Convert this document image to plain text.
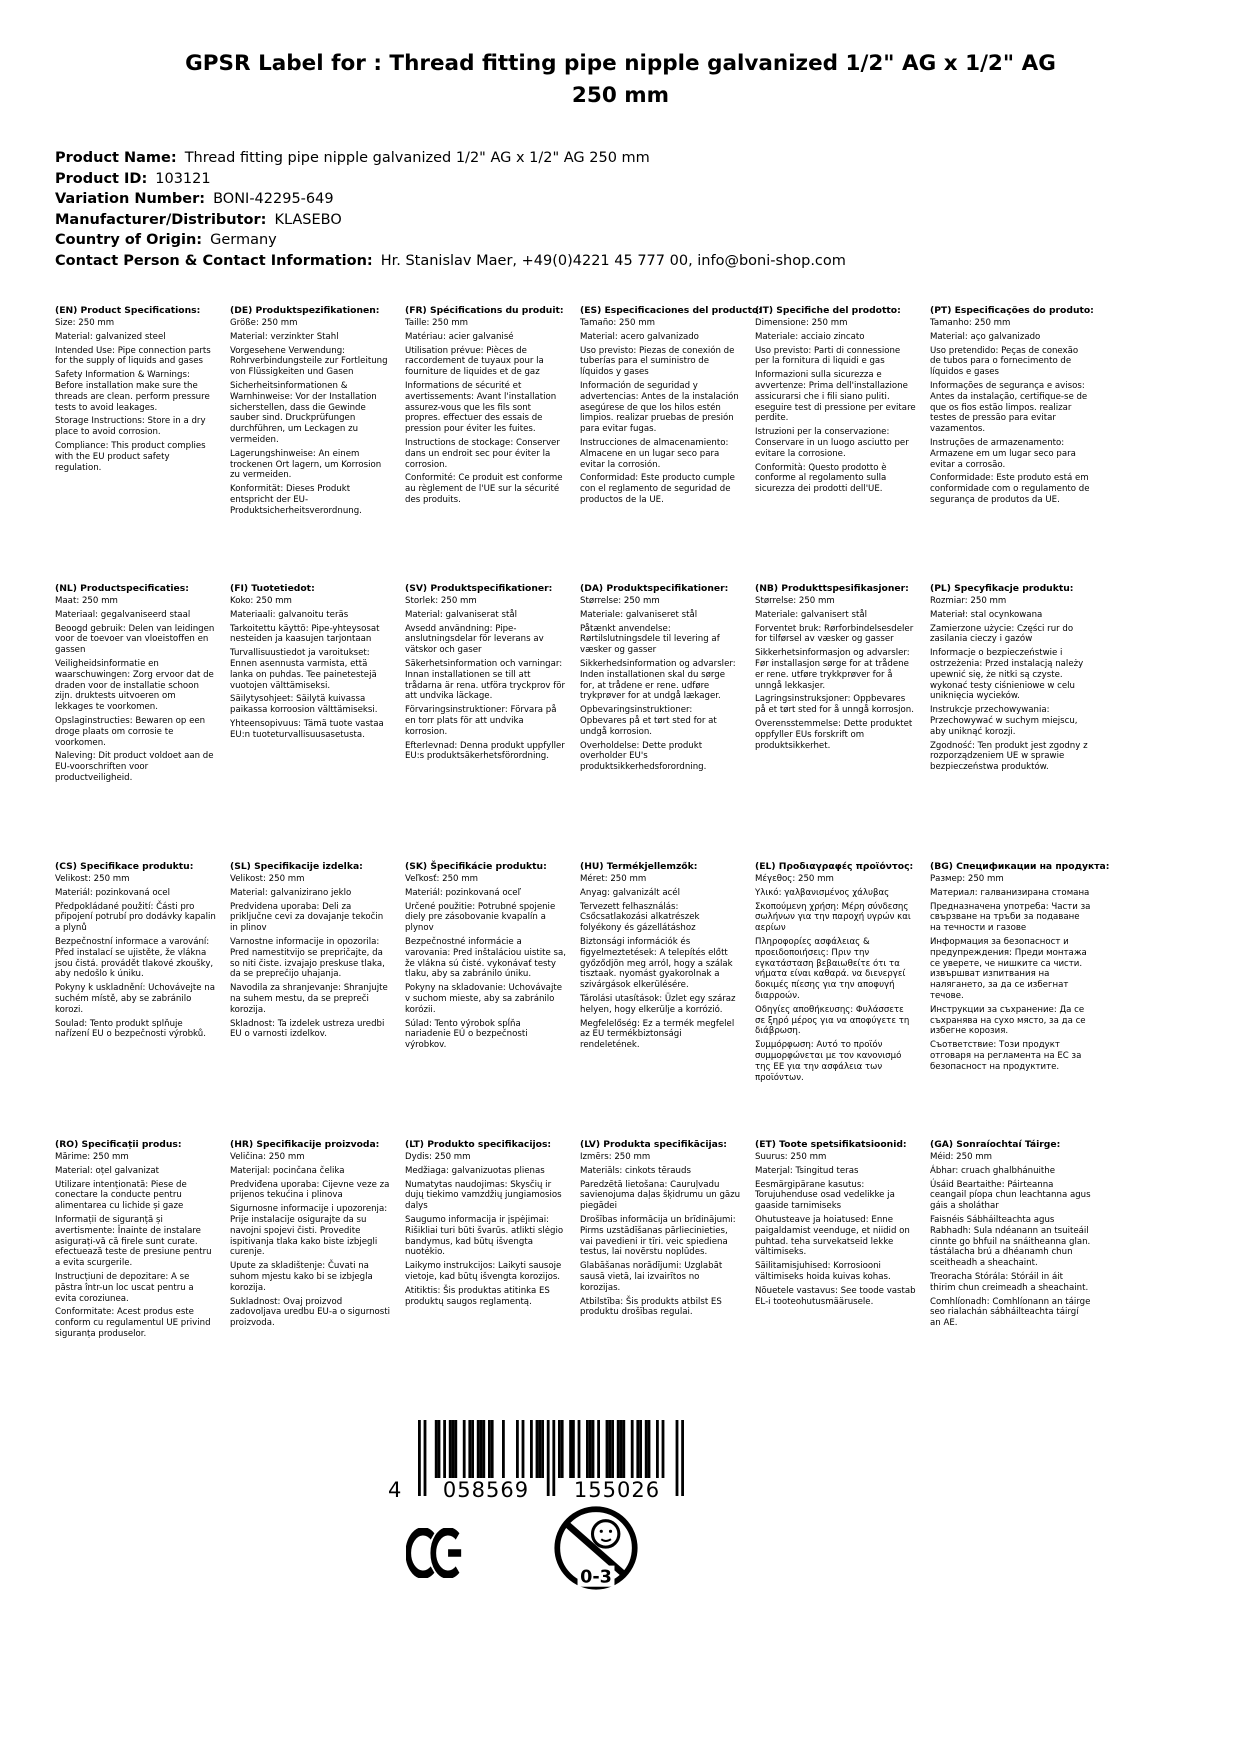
GPSR Label for : Thread fitting pipe nipple galvanized 1/2" AG x 1/2" AG 250 mm
Product Name: Thread fitting pipe nipple galvanized 1/2" AG x 1/2" AG 250 mm
Product ID: 103121
Variation Number: BONI-42295-649
Manufacturer/Distributor: KLASEBO
Country of Origin: Germany
Contact Person & Contact Information: Hr. Stanislav Maer, +49(0)4221 45 777 00, info@boni-shop.com
(EN) Product Specifications:

Size: 250 mm

Material: galvanized steel

Intended Use: Pipe connection parts for the supply of liquids and gases

Safety Information & Warnings: Before installation make sure the threads are clean. perform pressure tests to avoid leakages.

Storage Instructions: Store in a dry place to avoid corrosion.

Compliance: This product complies with the EU product safety regulation.

(DE) Produktspezifikationen:

Größe: 250 mm

Material: verzinkter Stahl

Vorgesehene Verwendung: Rohrverbindungsteile zur Fortleitung von Flüssigkeiten und Gasen

Sicherheitsinformationen & Warnhinweise: Vor der Installation sicherstellen, dass die Gewinde sauber sind. Druckprüfungen durchführen, um Leckagen zu vermeiden.

Lagerungshinweise: An einem trockenen Ort lagern, um Korrosion zu vermeiden.

Konformität: Dieses Produkt entspricht der EU-Produktsicherheitsverordnung.

(FR) Spécifications du produit:

Taille: 250 mm

Matériau: acier galvanisé

Utilisation prévue: Pièces de raccordement de tuyaux pour la fourniture de liquides et de gaz

Informations de sécurité et avertissements: Avant l'installation assurez-vous que les fils sont propres. effectuer des essais de pression pour éviter les fuites.

Instructions de stockage: Conserver dans un endroit sec pour éviter la corrosion.

Conformité: Ce produit est conforme au règlement de l'UE sur la sécurité des produits.

(ES) Especificaciones del producto:

Tamaño: 250 mm

Material: acero galvanizado

Uso previsto: Piezas de conexión de tuberías para el suministro de líquidos y gases

Información de seguridad y advertencias: Antes de la instalación asegúrese de que los hilos estén limpios. realizar pruebas de presión para evitar fugas.

Instrucciones de almacenamiento: Almacene en un lugar seco para evitar la corrosión.

Conformidad: Este producto cumple con el reglamento de seguridad de productos de la UE.

(IT) Specifiche del prodotto:

Dimensione: 250 mm

Materiale: acciaio zincato

Uso previsto: Parti di connessione per la fornitura di liquidi e gas

Informazioni sulla sicurezza e avvertenze: Prima dell'installazione assicurarsi che i fili siano puliti. eseguire test di pressione per evitare perdite.

Istruzioni per la conservazione: Conservare in un luogo asciutto per evitare la corrosione.

Conformità: Questo prodotto è conforme al regolamento sulla sicurezza dei prodotti dell'UE.

(PT) Especificações do produto:

Tamanho: 250 mm

Material: aço galvanizado

Uso pretendido: Peças de conexão de tubos para o fornecimento de líquidos e gases

Informações de segurança e avisos: Antes da instalação, certifique-se de que os fios estão limpos. realizar testes de pressão para evitar vazamentos.

Instruções de armazenamento: Armazene em um lugar seco para evitar a corrosão.

Conformidade: Este produto está em conformidade com o regulamento de segurança de produtos da UE.

(NL) Productspecificaties:

Maat: 250 mm

Materiaal: gegalvaniseerd staal

Beoogd gebruik: Delen van leidingen voor de toevoer van vloeistoffen en gassen

Veiligheidsinformatie en waarschuwingen: Zorg ervoor dat de draden voor de installatie schoon zijn. druktests uitvoeren om lekkages te voorkomen.

Opslaginstructies: Bewaren op een droge plaats om corrosie te voorkomen.

Naleving: Dit product voldoet aan de EU-voorschriften voor productveiligheid.

(FI) Tuotetiedot:

Koko: 250 mm

Materiaali: galvanoitu teräs

Tarkoitettu käyttö: Pipe-yhteysosat nesteiden ja kaasujen tarjontaan

Turvallisuustiedot ja varoitukset: Ennen asennusta varmista, että lanka on puhdas. Tee painetestejä vuotojen välttämiseksi.

Säilytysohjeet: Säilytä kuivassa paikassa korroosion välttämiseksi.

Yhteensopivuus: Tämä tuote vastaa EU:n tuoteturvallisuusasetusta.

(SV) Produktspecifikationer:

Storlek: 250 mm

Material: galvaniserat stål

Avsedd användning: Pipe-anslutningsdelar för leverans av vätskor och gaser

Säkerhetsinformation och varningar: Innan installationen se till att trådarna är rena. utföra tryckprov för att undvika läckage.

Förvaringsinstruktioner: Förvara på en torr plats för att undvika korrosion.

Efterlevnad: Denna produkt uppfyller EU:s produktsäkerhetsförordning.

(DA) Produktspecifikationer:

Størrelse: 250 mm

Materiale: galvaniseret stål

Påtænkt anvendelse: Rørtilslutningsdele til levering af væsker og gasser

Sikkerhedsinformation og advarsler: Inden installationen skal du sørge for, at trådene er rene. udføre trykprøver for at undgå lækager.

Opbevaringsinstruktioner: Opbevares på et tørt sted for at undgå korrosion.

Overholdelse: Dette produkt overholder EU's produktsikkerhedsforordning.

(NB) Produkttspesifikasjoner:

Størrelse: 250 mm

Materiale: galvanisert stål

Forventet bruk: Rørforbindelsesdeler for tilførsel av væsker og gasser

Sikkerhetsinformasjon og advarsler: Før installasjon sørge for at trådene er rene. utføre trykkprøver for å unngå lekkasjer.

Lagringsinstruksjoner: Oppbevares på et tørt sted for å unngå korrosjon.

Overensstemmelse: Dette produktet oppfyller EUs forskrift om produktsikkerhet.

(PL) Specyfikacje produktu:

Rozmiar: 250 mm

Materiał: stal ocynkowana

Zamierzone użycie: Części rur do zasilania cieczy i gazów

Informacje o bezpieczeństwie i ostrzeżenia: Przed instalacją należy upewnić się, że nitki są czyste. wykonać testy ciśnieniowe w celu uniknięcia wycieków.

Instrukcje przechowywania: Przechowywać w suchym miejscu, aby uniknąć korozji.

Zgodność: Ten produkt jest zgodny z rozporządzeniem UE w sprawie bezpieczeństwa produktów.

(CS) Specifikace produktu:

Velikost: 250 mm

Materiál: pozinkovaná ocel

Předpokládané použití: Části pro připojení potrubí pro dodávky kapalin a plynů

Bezpečnostní informace a varování: Před instalací se ujistěte, že vlákna jsou čistá. provádět tlakové zkoušky, aby nedošlo k úniku.

Pokyny k uskladnění: Uchovávejte na suchém místě, aby se zabránilo korozi.

Soulad: Tento produkt splňuje nařízení EU o bezpečnosti výrobků.

(SL) Specifikacije izdelka:

Velikost: 250 mm

Material: galvanizirano jeklo

Predvidena uporaba: Deli za priključne cevi za dovajanje tekočin in plinov

Varnostne informacije in opozorila: Pred namestitvijo se prepričajte, da so niti čiste. izvajajo preskuse tlaka, da se preprečijo uhajanja.

Navodila za shranjevanje: Shranjujte na suhem mestu, da se prepreči korozija.

Skladnost: Ta izdelek ustreza uredbi EU o varnosti izdelkov.

(SK) Špecifikácie produktu:

Veľkosť: 250 mm

Materiál: pozinkovaná oceľ

Určené použitie: Potrubné spojenie diely pre zásobovanie kvapalín a plynov

Bezpečnostné informácie a varovania: Pred inštaláciou uistite sa, že vlákna sú čisté. vykonávať testy tlaku, aby sa zabránilo úniku.

Pokyny na skladovanie: Uchovávajte v suchom mieste, aby sa zabránilo korózii.

Súlad: Tento výrobok spĺňa nariadenie EÚ o bezpečnosti výrobkov.

(HU) Termékjellemzők:

Méret: 250 mm

Anyag: galvanizált acél

Tervezett felhasználás: Csőcsatlakozási alkatrészek folyékony és gázellátáshoz

Biztonsági információk és figyelmeztetések: A telepítés előtt győződjön meg arról, hogy a szálak tisztaak. nyomást gyakorolnak a szivárgások elkerülésére.

Tárolási utasítások: Üzlet egy száraz helyen, hogy elkerülje a korrózió.

Megfelelőség: Ez a termék megfelel az EU termékbiztonsági rendeletének.

(EL) Προδιαγραφές προϊόντος:

Μέγεθος: 250 mm

Υλικό: γαλβανισμένος χάλυβας

Σκοπούμενη χρήση: Μέρη σύνδεσης σωλήνων για την παροχή υγρών και αερίων

Πληροφορίες ασφάλειας & προειδοποιήσεις: Πριν την εγκατάσταση βεβαιωθείτε ότι τα νήματα είναι καθαρά. να διενεργεί δοκιμές πίεσης για την αποφυγή διαρροών.

Οδηγίες αποθήκευσης: Φυλάσσετε σε ξηρό μέρος για να αποφύγετε τη διάβρωση.

Συμμόρφωση: Αυτό το προϊόν συμμορφώνεται με τον κανονισμό της ΕΕ για την ασφάλεια των προϊόντων.

(BG) Спецификации на продукта:

Размер: 250 mm

Материал: галванизирана стомана

Предназначена употреба: Части за свързване на тръби за подаване на течности и газове

Информация за безопасност и предупреждения: Преди монтажа се уверете, че нишките са чисти. извършват изпитвания на налягането, за да се избегнат течове.

Инструкции за съхранение: Да се съхранява на сухо място, за да се избегне корозия.

Съответствие: Този продукт отговаря на регламента на ЕС за безопасност на продуктите.

(RO) Specificații produs:

Mărime: 250 mm

Material: oțel galvanizat

Utilizare intenționată: Piese de conectare la conducte pentru alimentarea cu lichide și gaze

Informații de siguranță și avertismente: Înainte de instalare asigurați-vă că firele sunt curate. efectuează teste de presiune pentru a evita scurgerile.

Instrucțiuni de depozitare: A se păstra într-un loc uscat pentru a evita coroziunea.

Conformitate: Acest produs este conform cu regulamentul UE privind siguranța produselor.

(HR) Specifikacije proizvoda:

Veličina: 250 mm

Materijal: pocinčana čelika

Predviđena uporaba: Cijevne veze za prijenos tekućina i plinova

Sigurnosne informacije i upozorenja: Prije instalacije osigurajte da su navojni spojevi čisti. Provedite ispitivanja tlaka kako biste izbjegli curenje.

Upute za skladištenje: Čuvati na suhom mjestu kako bi se izbjegla korozija.

Sukladnost: Ovaj proizvod zadovoljava uredbu EU-a o sigurnosti proizvoda.

(LT) Produkto specifikacijos:

Dydis: 250 mm

Medžiaga: galvanizuotas plienas

Numatytas naudojimas: Skysčių ir dujų tiekimo vamzdžių jungiamosios dalys

Saugumo informacija ir įspėjimai: Rišikliai turi būti švarūs. atlikti slėgio bandymus, kad būtų išvengta nuotėkio.

Laikymo instrukcijos: Laikyti sausoje vietoje, kad būtų išvengta korozijos.

Atitiktis: Šis produktas atitinka ES produktų saugos reglamentą.

(LV) Produkta specifikācijas:

Izmērs: 250 mm

Materiāls: cinkots tērauds

Paredzētā lietošana: Cauruļvadu savienojuma daļas šķidrumu un gāzu piegādei

Drošības informācija un brīdinājumi: Pirms uzstādīšanas pārliecinieties, vai pavedieni ir tīri. veic spiediena testus, lai novērstu noplūdes.

Glabāšanas norādījumi: Uzglabāt sausā vietā, lai izvairītos no korozijas.

Atbilstība: Šis produkts atbilst ES produktu drošības regulai.

(ET) Toote spetsifikatsioonid:

Suurus: 250 mm

Materjal: Tsingitud teras

Eesmärgipärane kasutus: Torujuhenduse osad vedelikke ja gaaside tarnimiseks

Ohutusteave ja hoiatused: Enne paigaldamist veenduge, et niidid on puhtad. teha survekatseid lekke vältimiseks.

Säilitamisjuhised: Korrosiooni vältimiseks hoida kuivas kohas.

Nõuetele vastavus: See toode vastab EL-i tooteohutusmäärusele.

(GA) Sonraíochtaí Táirge:

Méid: 250 mm

Ábhar: cruach ghalbhánuithe

Úsáid Beartaithe: Páirteanna ceangail píopa chun leachtanna agus gáis a sholáthar

Faisnéis Sábháilteachta agus Rabhadh: Sula ndéanann an tsuiteáil cinnte go bhfuil na snáitheanna glan. tástálacha brú a dhéanamh chun sceitheadh a sheachaint.

Treoracha Stórála: Stóráil in áit thirim chun creimeadh a sheachaint.

Comhlíonadh: Comhlíonann an táirge seo rialachán sábháilteachta táirgí an AE.

4	058569	155026
0-3
